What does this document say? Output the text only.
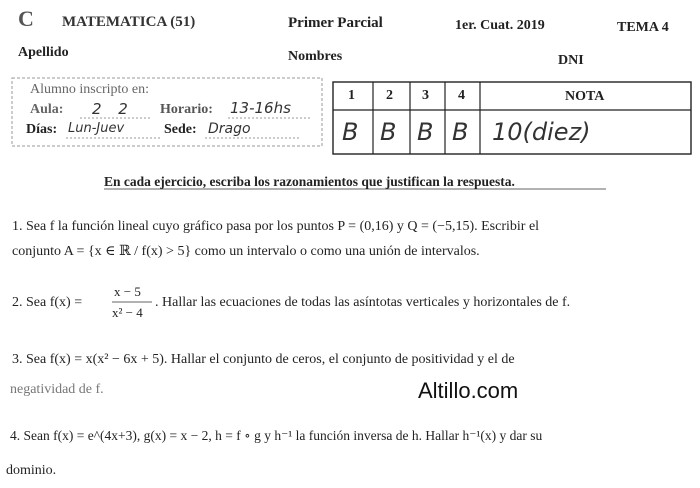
C MATEMATICA (51)	Primer Parcial	1er. Cuat. 2019	TEMA 4
Apellido	Nombres	DNI
Alumno inscripto en:
Aula: 2 2 Horario: 13-16hs
Días: Lun-Juev	Sede: Drago
1 2 3 4	NOTA
B B B B 10(diez)
En cada ejercicio, escriba los razonamientos que justifican la respuesta.
1. Sea f la función lineal cuyo gráfico pasa por los puntos P = (0,16) y Q = (−5,15). Escribir el
conjunto A = {x ∈ ℝ / f(x) > 5} como un intervalo o como una unión de intervalos.
2. Sea f(x) =
x − 5
x² − 4
. Hallar las ecuaciones de todas las asíntotas verticales y horizontales de f.
3. Sea f(x) = x(x² − 6x + 5). Hallar el conjunto de ceros, el conjunto de positividad y el de
negatividad de f.	Altillo.com
4. Sean f(x) = e^(4x+3), g(x) = x − 2, h = f ∘ g y h⁻¹ la función inversa de h. Hallar h⁻¹(x) y dar su
dominio.
